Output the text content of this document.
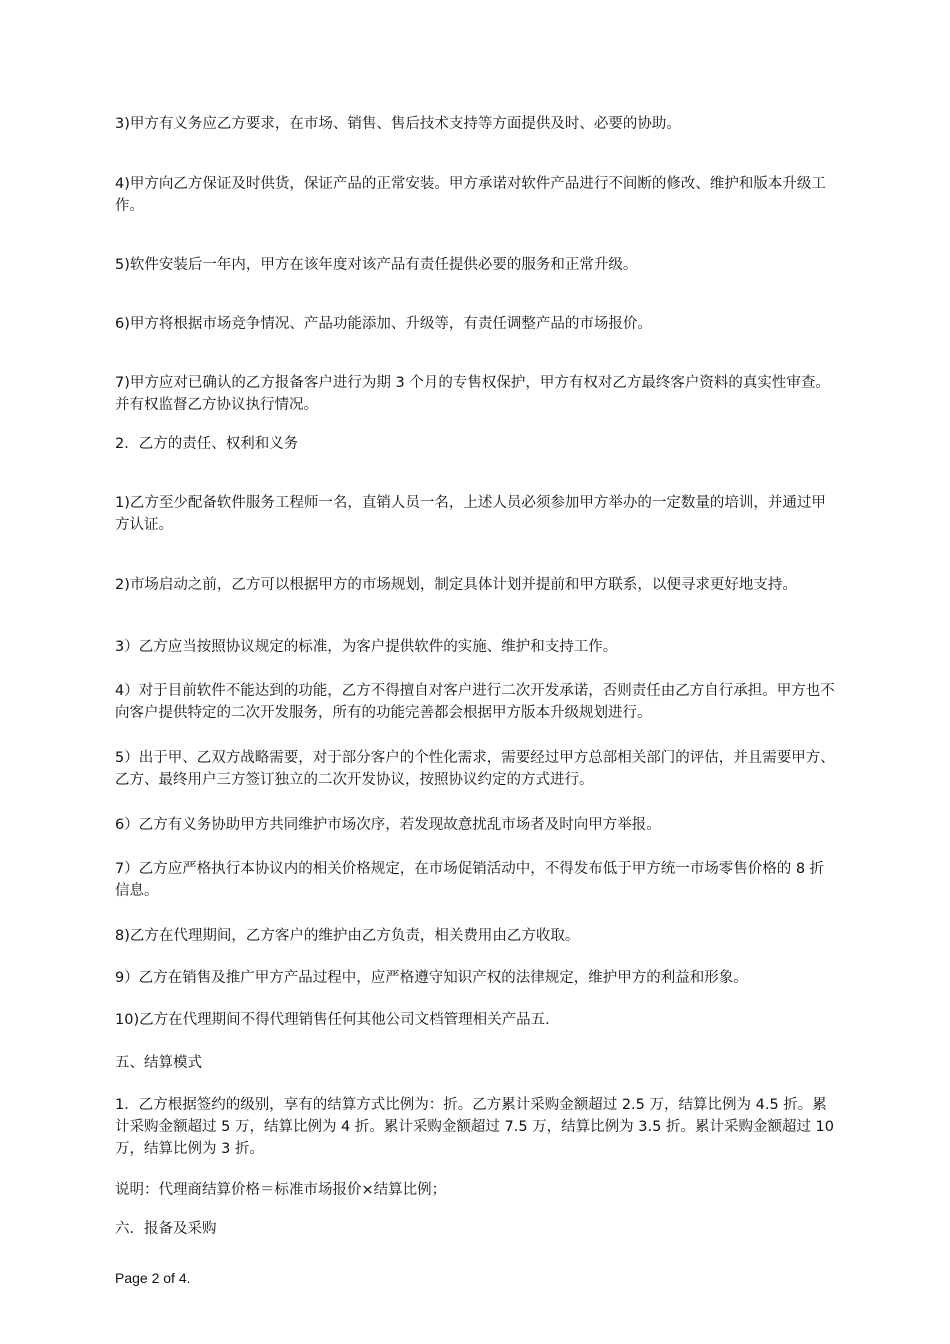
3)甲方有义务应乙方要求，在市场、销售、售后技术支持等方面提供及时、必要的协助。

4)甲方向乙方保证及时供货，保证产品的正常安装。甲方承诺对软件产品进行不间断的修改、维护和版本升级工作。

5)软件安装后一年内，甲方在该年度对该产品有责任提供必要的服务和正常升级。

6)甲方将根据市场竞争情况、产品功能添加、升级等，有责任调整产品的市场报价。

7)甲方应对已确认的乙方报备客户进行为期 3 个月的专售权保护，甲方有权对乙方最终客户资料的真实性审查。并有权监督乙方协议执行情况。

2．乙方的责任、权利和义务

1)乙方至少配备软件服务工程师一名，直销人员一名，上述人员必须参加甲方举办的一定数量的培训，并通过甲方认证。

2)市场启动之前，乙方可以根据甲方的市场规划，制定具体计划并提前和甲方联系，以便寻求更好地支持。

3）乙方应当按照协议规定的标准，为客户提供软件的实施、维护和支持工作。

4）对于目前软件不能达到的功能，乙方不得擅自对客户进行二次开发承诺，否则责任由乙方自行承担。甲方也不向客户提供特定的二次开发服务，所有的功能完善都会根据甲方版本升级规划进行。

5）出于甲、乙双方战略需要，对于部分客户的个性化需求，需要经过甲方总部相关部门的评估，并且需要甲方、乙方、最终用户三方签订独立的二次开发协议，按照协议约定的方式进行。

6）乙方有义务协助甲方共同维护市场次序，若发现故意扰乱市场者及时向甲方举报。

7）乙方应严格执行本协议内的相关价格规定，在市场促销活动中，不得发布低于甲方统一市场零售价格的 8 折信息。

8)乙方在代理期间，乙方客户的维护由乙方负责，相关费用由乙方收取。

9）乙方在销售及推广甲方产品过程中，应严格遵守知识产权的法律规定，维护甲方的利益和形象。

10)乙方在代理期间不得代理销售任何其他公司文档管理相关产品五．

五、结算模式

1．乙方根据签约的级别，享有的结算方式比例为：折。乙方累计采购金额超过 2.5 万，结算比例为 4.5 折。累计采购金额超过 5 万，结算比例为 4 折。累计采购金额超过 7.5 万，结算比例为 3.5 折。累计采购金额超过 10 万，结算比例为 3 折。

说明：代理商结算价格＝标准市场报价×结算比例；

六．报备及采购

Page 2 of 4.
